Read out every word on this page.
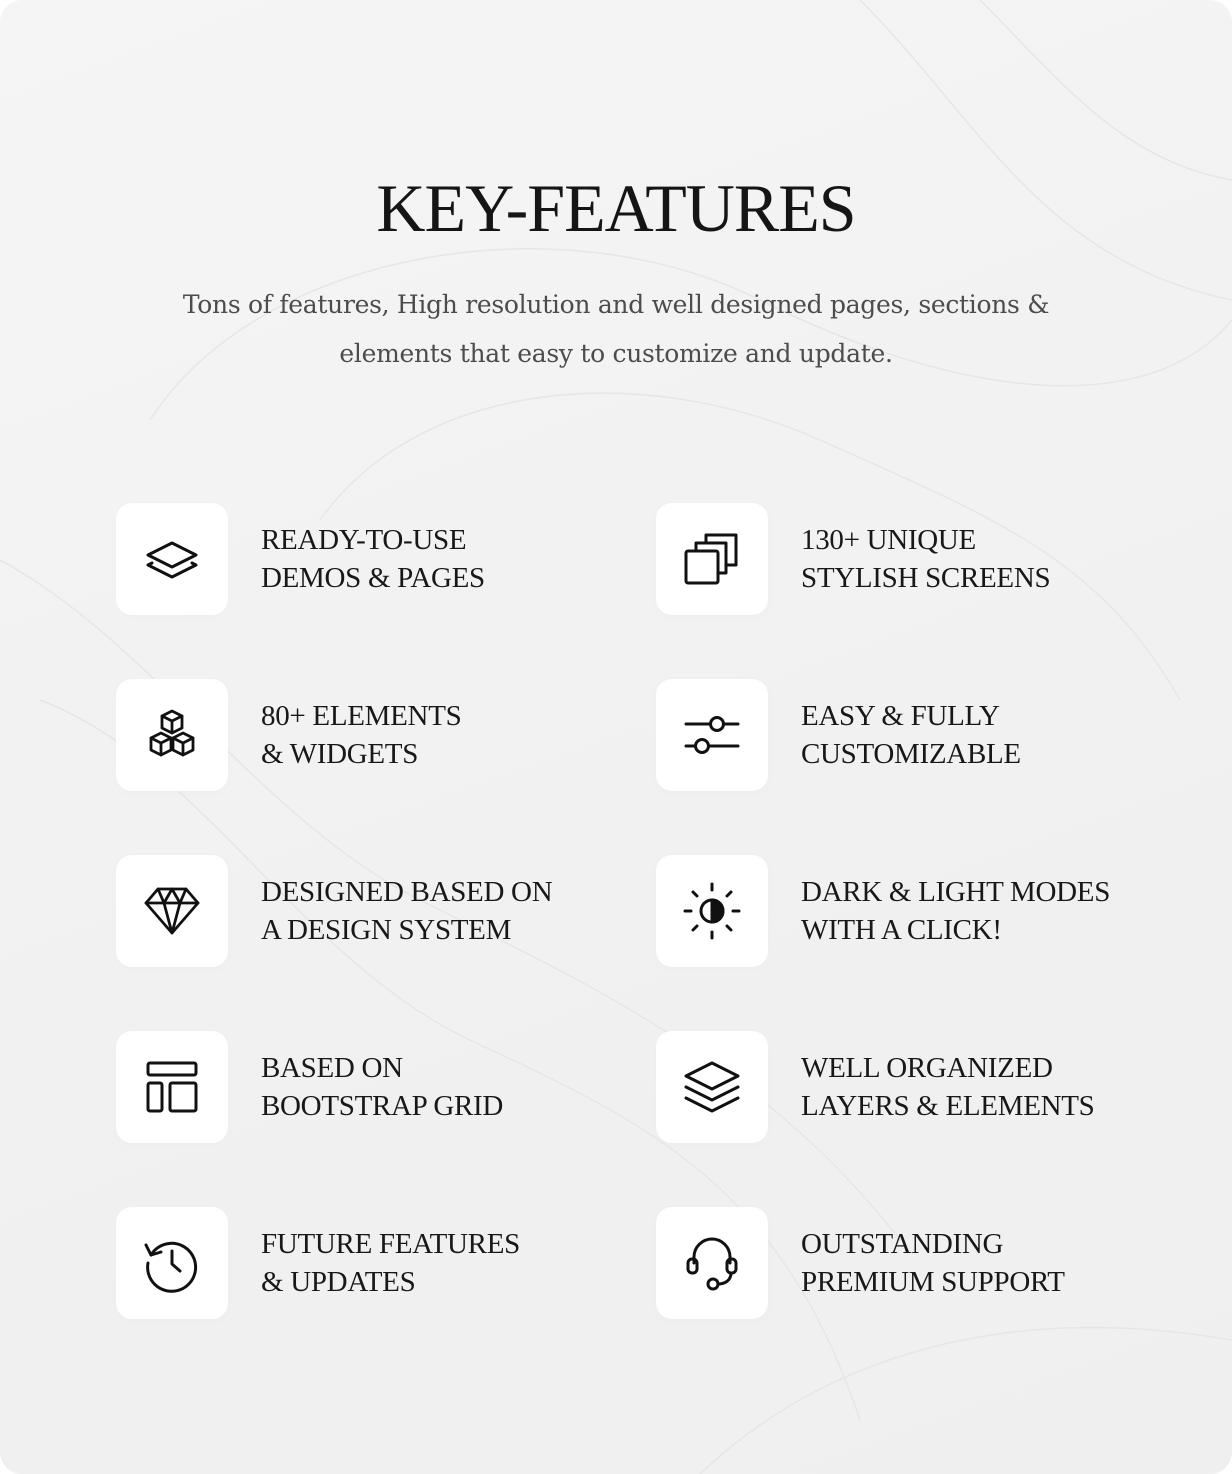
KEY-FEATURES

Tons of features, High resolution and well designed pages, sections &
elements that easy to customize and update.

READY-TO-USE
DEMOS & PAGES
130+ UNIQUE
STYLISH SCREENS
80+ ELEMENTS
& WIDGETS
EASY & FULLY
CUSTOMIZABLE
DESIGNED BASED ON
A DESIGN SYSTEM
DARK & LIGHT MODES
WITH A CLICK!
BASED ON
BOOTSTRAP GRID
WELL ORGANIZED
LAYERS & ELEMENTS
FUTURE FEATURES
& UPDATES
OUTSTANDING
PREMIUM SUPPORT
